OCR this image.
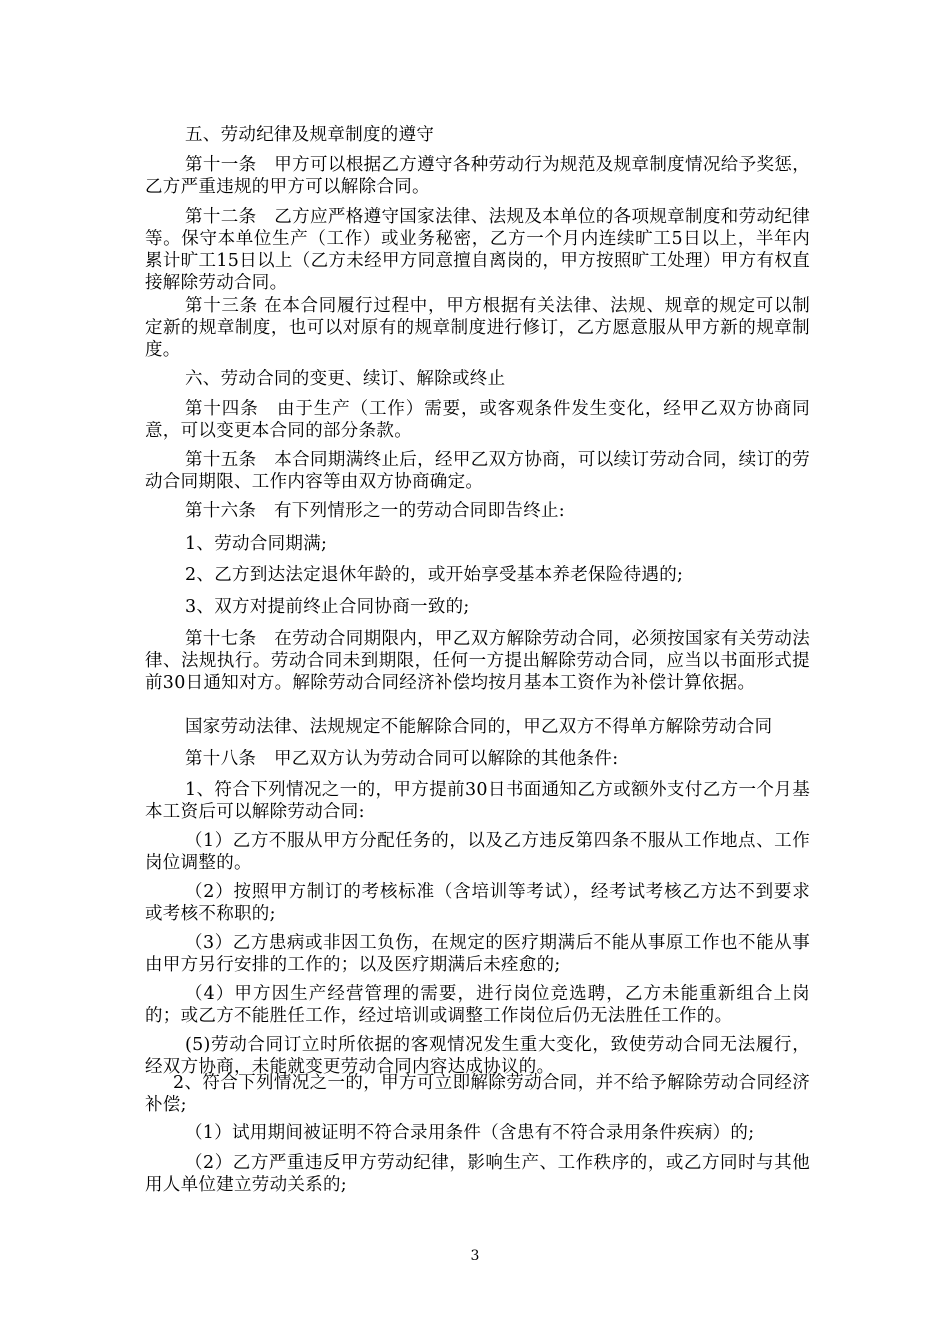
五、劳动纪律及规章制度的遵守
第十一条　甲方可以根据乙方遵守各种劳动行为规范及规章制度情况给予奖惩，乙方严重违规的甲方可以解除合同。
第十二条　乙方应严格遵守国家法律、法规及本单位的各项规章制度和劳动纪律等。保守本单位生产（工作）或业务秘密，乙方一个月内连续旷工5日以上，半年内累计旷工15日以上（乙方未经甲方同意擅自离岗的，甲方按照旷工处理）甲方有权直接解除劳动合同。
第十三条 在本合同履行过程中，甲方根据有关法律、法规、规章的规定可以制定新的规章制度，也可以对原有的规章制度进行修订，乙方愿意服从甲方新的规章制度。
六、劳动合同的变更、续订、解除或终止
第十四条　由于生产（工作）需要，或客观条件发生变化，经甲乙双方协商同意，可以变更本合同的部分条款。
第十五条　本合同期满终止后，经甲乙双方协商，可以续订劳动合同，续订的劳动合同期限、工作内容等由双方协商确定。
第十六条　有下列情形之一的劳动合同即告终止:
1、劳动合同期满;
2、乙方到达法定退休年龄的，或开始享受基本养老保险待遇的;
3、双方对提前终止合同协商一致的;
第十七条　在劳动合同期限内，甲乙双方解除劳动合同，必须按国家有关劳动法律、法规执行。劳动合同未到期限，任何一方提出解除劳动合同，应当以书面形式提前30日通知对方。解除劳动合同经济补偿均按月基本工资作为补偿计算依据。
国家劳动法律、法规规定不能解除合同的，甲乙双方不得单方解除劳动合同
第十八条　甲乙双方认为劳动合同可以解除的其他条件:
1、符合下列情况之一的，甲方提前30日书面通知乙方或额外支付乙方一个月基本工资后可以解除劳动合同:
（1）乙方不服从甲方分配任务的，以及乙方违反第四条不服从工作地点、工作岗位调整的。
（2）按照甲方制订的考核标准（含培训等考试），经考试考核乙方达不到要求或考核不称职的;
（3）乙方患病或非因工负伤，在规定的医疗期满后不能从事原工作也不能从事由甲方另行安排的工作的；以及医疗期满后未痊愈的;
（4）甲方因生产经营管理的需要，进行岗位竞选聘，乙方未能重新组合上岗的；或乙方不能胜任工作，经过培训或调整工作岗位后仍无法胜任工作的。
(5)劳动合同订立时所依据的客观情况发生重大变化，致使劳动合同无法履行，经双方协商，未能就变更劳动合同内容达成协议的。
2、符合下列情况之一的，甲方可立即解除劳动合同，并不给予解除劳动合同经济补偿;
（1）试用期间被证明不符合录用条件（含患有不符合录用条件疾病）的;
（2）乙方严重违反甲方劳动纪律，影响生产、工作秩序的，或乙方同时与其他用人单位建立劳动关系的;
3
